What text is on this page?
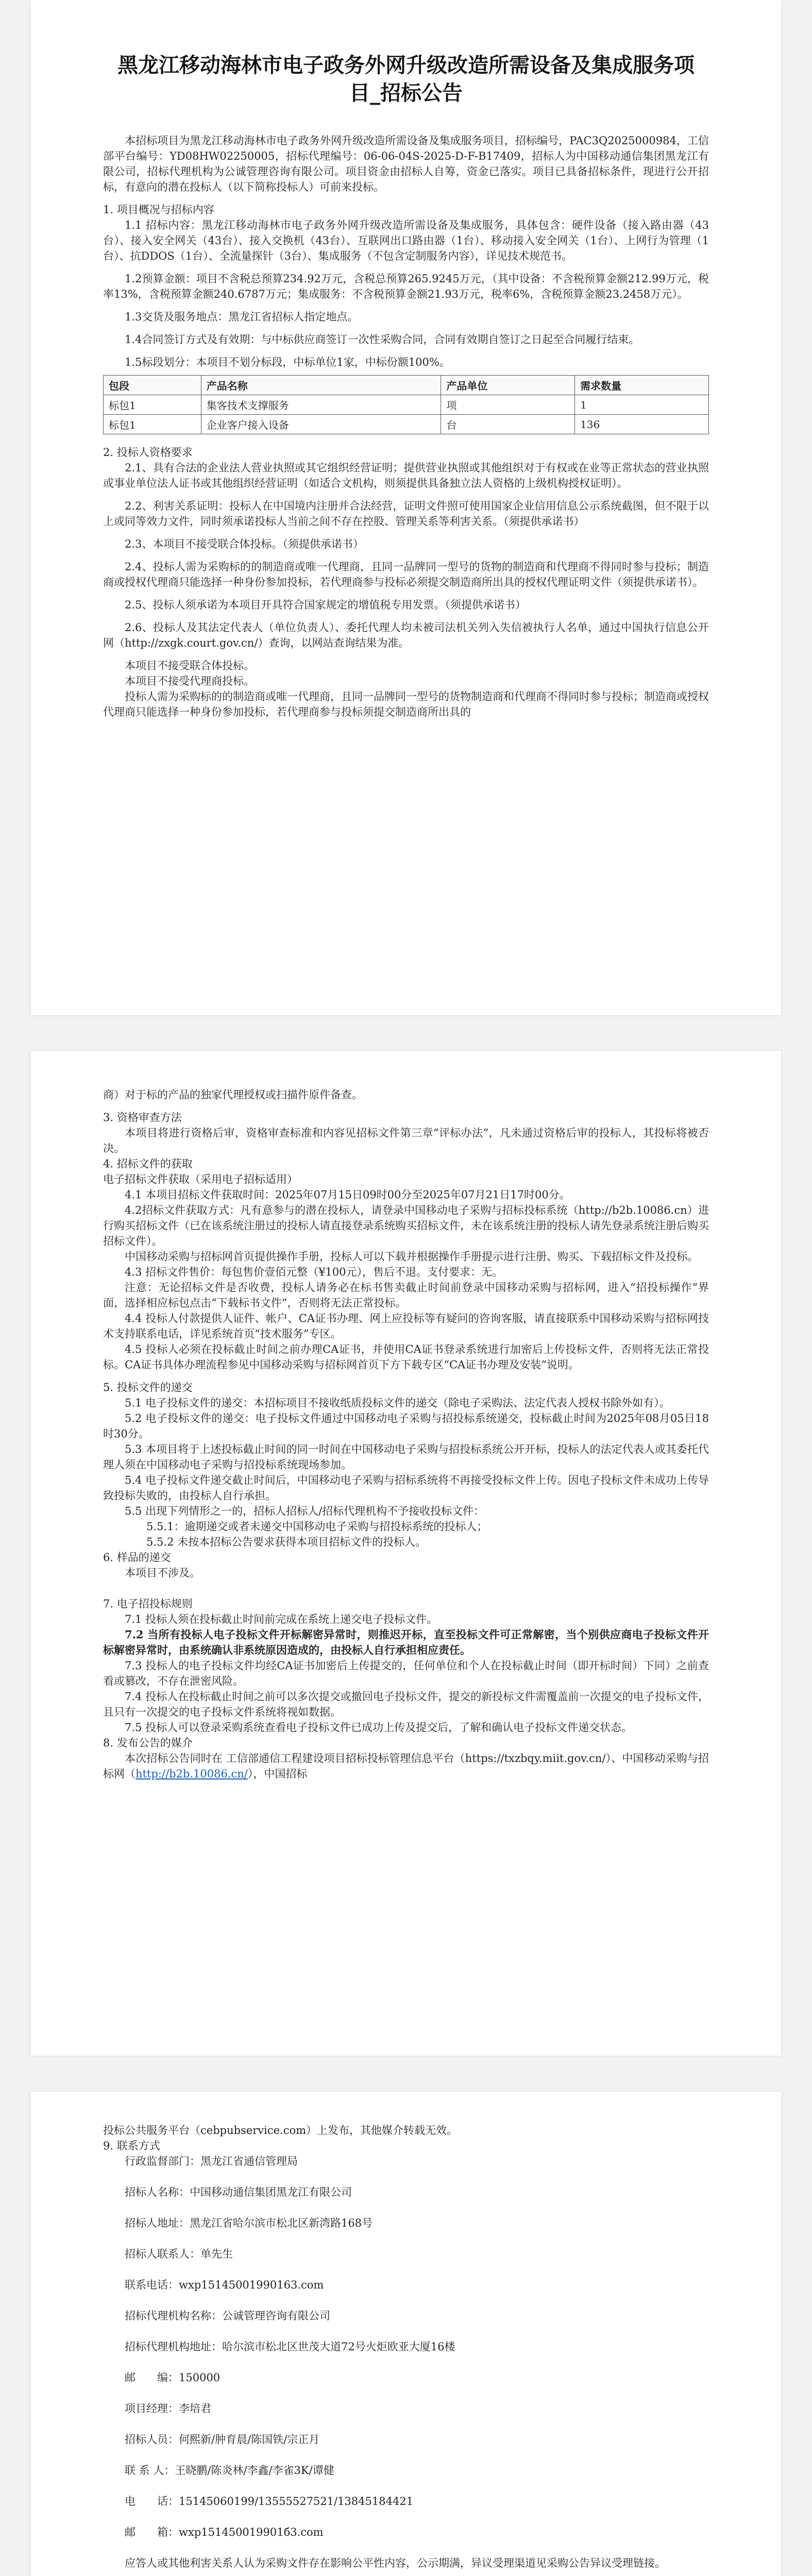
黑龙江移动海林市电子政务外网升级改造所需设备及集成服务项目_招标公告

本招标项目为黑龙江移动海林市电子政务外网升级改造所需设备及集成服务项目，招标编号，PAC3Q2025000984，工信部平台编号：YD08HW02250005，招标代理编号：06-06-04S-2025-D-F-B17409，招标人为中国移动通信集团黑龙江有限公司，招标代理机构为公诚管理咨询有限公司。项目资金由招标人自筹，资金已落实。项目已具备招标条件，现进行公开招标，有意向的潜在投标人（以下简称投标人）可前来投标。

1. 项目概况与招标内容

1.1 招标内容：黑龙江移动海林市电子政务外网升级改造所需设备及集成服务，具体包含：硬件设备（接入路由器（43台）、接入安全网关（43台）、接入交换机（43台）、互联网出口路由器（1台）、移动接入安全网关（1台）、上网行为管理（1台）、抗DDOS（1台）、全流量探针（3台）、集成服务（不包含定制服务内容），详见技术规范书。

1.2预算金额：项目不含税总预算234.92万元，含税总预算265.9245万元，（其中设备：不含税预算金额212.99万元，税率13%，含税预算金额240.6787万元；集成服务：不含税预算金额21.93万元，税率6%，含税预算金额23.2458万元）。

1.3交货及服务地点：黑龙江省招标人指定地点。

1.4合同签订方式及有效期：与中标供应商签订一次性采购合同，合同有效期自签订之日起至合同履行结束。

1.5标段划分：本项目不划分标段，中标单位1家，中标份额100%。

包段	产品名称	产品单位	需求数量
标包1	集客技术支撑服务	项	1
标包1	企业客户接入设备	台	136

2. 投标人资格要求

2.1、具有合法的企业法人营业执照或其它组织经营证明；提供营业执照或其他组织对于有权或在业等正常状态的营业执照或事业单位法人证书或其他组织经营证明（如适合文机构，则须提供具备独立法人资格的上级机构授权证明）。

2.2、利害关系证明：投标人在中国境内注册并合法经营，证明文件照可使用国家企业信用信息公示系统截图，但不限于以上或同等效力文件，同时须承诺投标人当前之间不存在控股、管理关系等利害关系。（须提供承诺书）

2.3、本项目不接受联合体投标。（须提供承诺书）

2.4、投标人需为采购标的的制造商或唯一代理商，且同一品牌同一型号的货物的制造商和代理商不得同时参与投标；制造商或授权代理商只能选择一种身份参加投标，若代理商参与投标必须提交制造商所出具的授权代理证明文件（须提供承诺书）。

2.5、投标人须承诺为本项目开具符合国家规定的增值税专用发票。（须提供承诺书）

2.6、投标人及其法定代表人（单位负责人）、委托代理人均未被司法机关列入失信被执行人名单，通过中国执行信息公开网（http://zxgk.court.gov.cn/）查询，以网站查询结果为准。

本项目不接受联合体投标。

本项目不接受代理商投标。

投标人需为采购标的的制造商或唯一代理商，且同一品牌同一型号的货物制造商和代理商不得同时参与投标；制造商或授权代理商只能选择一种身份参加投标，若代理商参与投标须提交制造商所出具的

商）对于标的产品的独家代理授权或扫描件原件备查。

3. 资格审查方法

本项目将进行资格后审，资格审查标准和内容见招标文件第三章“评标办法”，凡未通过资格后审的投标人，其投标将被否决。

4. 招标文件的获取

电子招标文件获取（采用电子招标适用）

4.1 本项目招标文件获取时间：2025年07月15日09时00分至2025年07月21日17时00分。

4.2招标文件获取方式：凡有意参与的潜在投标人，请登录中国移动电子采购与招标投标系统（http://b2b.10086.cn）进行购买招标文件（已在该系统注册过的投标人请直接登录系统购买招标文件，未在该系统注册的投标人请先登录系统注册后购买招标文件）。

中国移动采购与招标网首页提供操作手册，投标人可以下载并根据操作手册提示进行注册、购买、下载招标文件及投标。

4.3 招标文件售价：每包售价壹佰元整（¥100元），售后不退。支付要求：无。

注意：无论招标文件是否收费，投标人请务必在标书售卖截止时间前登录中国移动采购与招标网，进入“招投标操作”界面，选择相应标包点击“下载标书文件”，否则将无法正常投标。

4.4 投标人付款提供人证件、帐户、CA证书办理、网上应投标等有疑问的咨询客服，请直接联系中国移动采购与招标网技术支持联系电话，详见系统首页“技术服务”专区。

4.5 投标人必须在投标截止时间之前办理CA证书，并使用CA证书登录系统进行加密后上传投标文件，否则将无法正常投标。CA证书具体办理流程参见中国移动采购与招标网首页下方下载专区“CA证书办理及安装”说明。

5. 投标文件的递交

5.1 电子投标文件的递交：本招标项目不接收纸质投标文件的递交（除电子采购法、法定代表人授权书除外如有）。

5.2 电子投标文件的递交：电子投标文件通过中国移动电子采购与招投标系统递交，投标截止时间为2025年08月05日18时30分。

5.3 本项目将于上述投标截止时间的同一时间在中国移动电子采购与招投标系统公开开标，投标人的法定代表人或其委托代理人须在中国移动电子采购与招投标系统现场参加。

5.4 电子投标文件递交截止时间后，中国移动电子采购与招标系统将不再接受投标文件上传。因电子投标文件未成功上传导致投标失败的，由投标人自行承担。

5.5 出现下列情形之一的，招标人招标人/招标代理机构不予接收投标文件：

5.5.1：逾期递交或者未递交中国移动电子采购与招投标系统的投标人；

5.5.2 未按本招标公告要求获得本项目招标文件的投标人。

6. 样品的递交

本项目不涉及。

7. 电子招投标规则

7.1 投标人须在投标截止时间前完成在系统上递交电子投标文件。

7.2 当所有投标人电子投标文件开标解密异常时，则推迟开标，直至投标文件可正常解密，当个别供应商电子投标文件开标解密异常时，由系统确认非系统原因造成的，由投标人自行承担相应责任。

7.3 投标人的电子投标文件均经CA证书加密后上传提交的，任何单位和个人在投标截止时间（即开标时间）下同）之前查看或篡改，不存在泄密风险。

7.4 投标人在投标截止时间之前可以多次提交或撤回电子投标文件，提交的新投标文件需覆盖前一次提交的电子投标文件，且只有一次提交的电子投标文件系统将视如数据。

7.5 投标人可以登录采购系统查看电子投标文件已成功上传及提交后，了解和确认电子投标文件递交状态。

8. 发布公告的媒介

本次招标公告同时在 工信部通信工程建设项目招标投标管理信息平台（https://txzbqy.miit.gov.cn/）、中国移动采购与招标网（http://b2b.10086.cn/），中国招标

投标公共服务平台（cebpubservice.com）上发布，其他媒介转载无效。

9. 联系方式

行政监督部门：黑龙江省通信管理局

招标人名称：中国移动通信集团黑龙江有限公司

招标人地址：黑龙江省哈尔滨市松北区新湾路168号

招标人联系人：单先生

联系电话：wxp15145001990163.com

招标代理机构名称：公诚管理咨询有限公司

招标代理机构地址：哈尔滨市松北区世茂大道72号火炬欧亚大厦16楼

邮　　编：150000

项目经理：李培君

招标人员：何熙新/肿育晨/陈国铁/宗正月

联 系 人：王晓鹏/陈炎林/李鑫/李雀3K/谭健

电　　话：15145060199/13555527521/13845184421

邮　　箱：wxp151450019901б3.com

应答人或其他利害关系人认为采购文件存在影响公平性内容，公示期满，异议受理渠道见采购公告异议受理链接。
